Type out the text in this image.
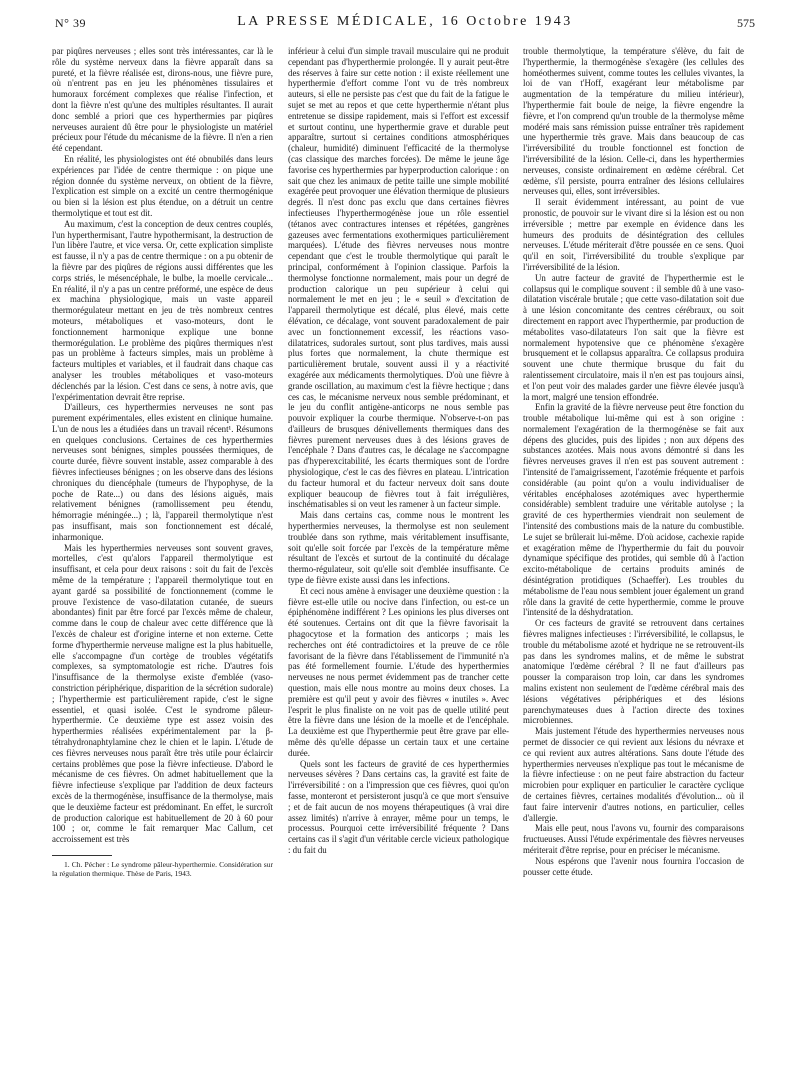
N° 39	LA PRESSE MÉDICALE, 16 Octobre 1943	575

par piqûres nerveuses ; elles sont très intéressantes, car là le rôle du système nerveux dans la fièvre apparaît dans sa pureté, et la fièvre réalisée est, dirons-nous, une fièvre pure, où n'entrent pas en jeu les phénomènes tissulaires et humoraux forcément complexes que réalise l'infection, et dont la fièvre n'est qu'une des multiples résultantes. Il aurait donc semblé a priori que ces hyperthermies par piqûres nerveuses auraient dû être pour le physiologiste un matériel précieux pour l'étude du mécanisme de la fièvre. Il n'en a rien été cependant.

En réalité, les physiologistes ont été obnubilés dans leurs expériences par l'idée de centre thermique : on pique une région donnée du système nerveux, on obtient de la fièvre, l'explication est simple on a excité un centre thermogénique ou bien si la lésion est plus étendue, on a détruit un centre thermolytique et tout est dit.

Au maximum, c'est la conception de deux centres couplés, l'un hyperthermisant, l'autre hypothermisant, la destruction de l'un libère l'autre, et vice versa. Or, cette explication simpliste est fausse, il n'y a pas de centre thermique : on a pu obtenir de la fièvre par des piqûres de régions aussi différentes que les corps striés, le mésencéphale, le bulbe, la moelle cervicale... En réalité, il n'y a pas un centre préformé, une espèce de deus ex machina physiologique, mais un vaste appareil thermorégulateur mettant en jeu de très nombreux centres moteurs, métaboliques et vaso-moteurs, dont le fonctionnement harmonique explique une bonne thermorégulation. Le problème des piqûres thermiques n'est pas un problème à facteurs simples, mais un problème à facteurs multiples et variables, et il faudrait dans chaque cas analyser les troubles métaboliques et vaso-moteurs déclenchés par la lésion. C'est dans ce sens, à notre avis, que l'expérimentation devrait être reprise.

D'ailleurs, ces hyperthermies nerveuses ne sont pas purement expérimentales, elles existent en clinique humaine. L'un de nous les a étudiées dans un travail récent¹. Résumons en quelques conclusions. Certaines de ces hyperthermies nerveuses sont bénignes, simples poussées thermiques, de courte durée, fièvre souvent instable, assez comparable à des fièvres infectieuses bénignes ; on les observe dans des lésions chroniques du diencéphale (tumeurs de l'hypophyse, de la poche de Rate...) ou dans des lésions aiguës, mais relativement bénignes (ramollissement peu étendu, hémorragie méningée...) ; là, l'appareil thermolytique n'est pas insuffisant, mais son fonctionnement est décalé, inharmonique.

Mais les hyperthermies nerveuses sont souvent graves, mortelles, c'est qu'alors l'appareil thermolytique est insuffisant, et cela pour deux raisons : soit du fait de l'excès même de la température ; l'appareil thermolytique tout en ayant gardé sa possibilité de fonctionnement (comme le prouve l'existence de vaso-dilatation cutanée, de sueurs abondantes) finit par être forcé par l'excès même de chaleur, comme dans le coup de chaleur avec cette différence que là l'excès de chaleur est d'origine interne et non externe. Cette forme d'hyperthermie nerveuse maligne est la plus habituelle, elle s'accompagne d'un cortège de troubles végétatifs complexes, sa symptomatologie est riche. D'autres fois l'insuffisance de la thermolyse existe d'emblée (vaso-constriction périphérique, disparition de la sécrétion sudorale) ; l'hyperthermie est particulièrement rapide, c'est le signe essentiel, et quasi isolée. C'est le syndrome pâleur-hyperthermie. Ce deuxième type est assez voisin des hyperthermies réalisées expérimentalement par la β-tétrahydronaphtylamine chez le chien et le lapin. L'étude de ces fièvres nerveuses nous paraît être très utile pour éclaircir certains problèmes que pose la fièvre infectieuse. D'abord le mécanisme de ces fièvres. On admet habituellement que la fièvre infectieuse s'explique par l'addition de deux facteurs excès de la thermogénèse, insuffisance de la thermolyse, mais que le deuxième facteur est prédominant. En effet, le surcroît de production calorique est habituellement de 20 à 60 pour 100 ; or, comme le fait remarquer Mac Callum, cet accroissement est très

1. Ch. Pécher : Le syndrome pâleur-hyperthermie. Considération sur la régulation thermique. Thèse de Paris, 1943.

inférieur à celui d'un simple travail musculaire qui ne produit cependant pas d'hyperthermie prolongée. Il y aurait peut-être des réserves à faire sur cette notion : il existe réellement une hyperthermie d'effort comme l'ont vu de très nombreux auteurs, si elle ne persiste pas c'est que du fait de la fatigue le sujet se met au repos et que cette hyperthermie n'étant plus entretenue se dissipe rapidement, mais si l'effort est excessif et surtout continu, une hyperthermie grave et durable peut apparaître, surtout si certaines conditions atmosphériques (chaleur, humidité) diminuent l'efficacité de la thermolyse (cas classique des marches forcées). De même le jeune âge favorise ces hyperthermies par hyperproduction calorique : on sait que chez les animaux de petite taille une simple mobilité exagérée peut provoquer une élévation thermique de plusieurs degrés. Il n'est donc pas exclu que dans certaines fièvres infectieuses l'hyperthermogénèse joue un rôle essentiel (tétanos avec contractures intenses et répétées, gangrènes gazeuses avec fermentations exothermiques particulièrement marquées). L'étude des fièvres nerveuses nous montre cependant que c'est le trouble thermolytique qui paraît le principal, conformément à l'opinion classique. Parfois la thermolyse fonctionne normalement, mais pour un degré de production calorique un peu supérieur à celui qui normalement le met en jeu ; le « seuil » d'excitation de l'appareil thermolytique est décalé, plus élevé, mais cette élévation, ce décalage, vont souvent paradoxalement de pair avec un fonctionnement excessif, les réactions vaso-dilatatrices, sudorales surtout, sont plus tardives, mais aussi plus fortes que normalement, la chute thermique est particulièrement brutale, souvent aussi il y a réactivité exagérée aux médicaments thermolytiques. D'où une fièvre à grande oscillation, au maximum c'est la fièvre hectique ; dans ces cas, le mécanisme nerveux nous semble prédominant, et le jeu du conflit antigène-anticorps ne nous semble pas pouvoir expliquer la courbe thermique. N'observe-t-on pas d'ailleurs de brusques dénivellements thermiques dans des fièvres purement nerveuses dues à des lésions graves de l'encéphale ? Dans d'autres cas, le décalage ne s'accompagne pas d'hyperexcitabilité, les écarts thermiques sont de l'ordre physiologique, c'est le cas des fièvres en plateau. L'intrication du facteur humoral et du facteur nerveux doit sans doute expliquer beaucoup de fièvres tout à fait irrégulières, inschématisables si on veut les ramener à un facteur simple.

Mais dans certains cas, comme nous le montrent les hyperthermies nerveuses, la thermolyse est non seulement troublée dans son rythme, mais véritablement insuffisante, soit qu'elle soit forcée par l'excès de la température même résultant de l'excès et surtout de la continuité du décalage thermo-régulateur, soit qu'elle soit d'emblée insuffisante. Ce type de fièvre existe aussi dans les infections.

Et ceci nous amène à envisager une deuxième question : la fièvre est-elle utile ou nocive dans l'infection, ou est-ce un épiphénomène indifférent ? Les opinions les plus diverses ont été soutenues. Certains ont dit que la fièvre favorisait la phagocytose et la formation des anticorps ; mais les recherches ont été contradictoires et la preuve de ce rôle favorisant de la fièvre dans l'établissement de l'immunité n'a pas été formellement fournie. L'étude des hyperthermies nerveuses ne nous permet évidemment pas de trancher cette question, mais elle nous montre au moins deux choses. La première est qu'il peut y avoir des fièvres « inutiles ». Avec l'esprit le plus finaliste on ne voit pas de quelle utilité peut être la fièvre dans une lésion de la moelle et de l'encéphale. La deuxième est que l'hyperthermie peut être grave par elle-même dès qu'elle dépasse un certain taux et une certaine durée.

Quels sont les facteurs de gravité de ces hyperthermies nerveuses sévères ? Dans certains cas, la gravité est faite de l'irréversibilité : on a l'impression que ces fièvres, quoi qu'on fasse, monteront et persisteront jusqu'à ce que mort s'ensuive ; et de fait aucun de nos moyens thérapeutiques (à vrai dire assez limités) n'arrive à enrayer, même pour un temps, le processus. Pourquoi cette irréversibilité fréquente ? Dans certains cas il s'agit d'un véritable cercle vicieux pathologique : du fait du

trouble thermolytique, la température s'élève, du fait de l'hyperthermie, la thermogénèse s'exagère (les cellules des homéothermes suivent, comme toutes les cellules vivantes, la loi de van t'Hoff, exagérant leur métabolisme par augmentation de la température du milieu intérieur), l'hyperthermie fait boule de neige, la fièvre engendre la fièvre, et l'on comprend qu'un trouble de la thermolyse même modéré mais sans rémission puisse entraîner très rapidement une hyperthermie très grave. Mais dans beaucoup de cas l'irréversibilité du trouble fonctionnel est fonction de l'irréversibilité de la lésion. Celle-ci, dans les hyperthermies nerveuses, consiste ordinairement en œdème cérébral. Cet œdème, s'il persiste, pourra entraîner des lésions cellulaires nerveuses qui, elles, sont irréversibles.

Il serait évidemment intéressant, au point de vue pronostic, de pouvoir sur le vivant dire si la lésion est ou non irréversible ; mettre par exemple en évidence dans les humeurs des produits de désintégration des cellules nerveuses. L'étude mériterait d'être poussée en ce sens. Quoi qu'il en soit, l'irréversibilité du trouble s'explique par l'irréversibilité de la lésion.

Un autre facteur de gravité de l'hyperthermie est le collapsus qui le complique souvent : il semble dû à une vaso-dilatation viscérale brutale ; que cette vaso-dilatation soit due à une lésion concomitante des centres cérébraux, ou soit directement en rapport avec l'hyperthermie, par production de métabolites vaso-dilatateurs l'on sait que la fièvre est normalement hypotensive que ce phénomène s'exagère brusquement et le collapsus apparaîtra. Ce collapsus produira souvent une chute thermique brusque du fait du ralentissement circulatoire, mais il n'en est pas toujours ainsi, et l'on peut voir des malades garder une fièvre élevée jusqu'à la mort, malgré une tension effondrée.

Enfin la gravité de la fièvre nerveuse peut être fonction du trouble métabolique lui-même qui est à son origine : normalement l'exagération de la thermogénèse se fait aux dépens des glucides, puis des lipides ; non aux dépens des substances azotées. Mais nous avons démontré si dans les fièvres nerveuses graves il n'en est pas souvent autrement : l'intensité de l'amaigrissement, l'azotémie fréquente et parfois considérable (au point qu'on a voulu individualiser de véritables encéphaloses azotémiques avec hyperthermie considérable) semblent traduire une véritable autolyse ; la gravité de ces hyperthermies viendrait non seulement de l'intensité des combustions mais de la nature du combustible. Le sujet se brûlerait lui-même. D'où acidose, cachexie rapide et exagération même de l'hyperthermie du fait du pouvoir dynamique spécifique des protides, qui semble dû à l'action excito-métabolique de certains produits aminés de désintégration protidiques (Schaeffer). Les troubles du métabolisme de l'eau nous semblent jouer également un grand rôle dans la gravité de cette hyperthermie, comme le prouve l'intensité de la déshydratation.

Or ces facteurs de gravité se retrouvent dans certaines fièvres malignes infectieuses : l'irréversibilité, le collapsus, le trouble du métabolisme azoté et hydrique ne se retrouvent-ils pas dans les syndromes malins, et de même le substrat anatomique l'œdème cérébral ? Il ne faut d'ailleurs pas pousser la comparaison trop loin, car dans les syndromes malins existent non seulement de l'œdème cérébral mais des lésions végétatives périphériques et des lésions parenchymateuses dues à l'action directe des toxines microbiennes.

Mais justement l'étude des hyperthermies nerveuses nous permet de dissocier ce qui revient aux lésions du névraxe et ce qui revient aux autres altérations. Sans doute l'étude des hyperthermies nerveuses n'explique pas tout le mécanisme de la fièvre infectieuse : on ne peut faire abstraction du facteur microbien pour expliquer en particulier le caractère cyclique de certaines fièvres, certaines modalités d'évolution... où il faut faire intervenir d'autres notions, en particulier, celles d'allergie.

Mais elle peut, nous l'avons vu, fournir des comparaisons fructueuses. Aussi l'étude expérimentale des fièvres nerveuses mériterait d'être reprise, pour en préciser le mécanisme.

Nous espérons que l'avenir nous fournira l'occasion de pousser cette étude.
